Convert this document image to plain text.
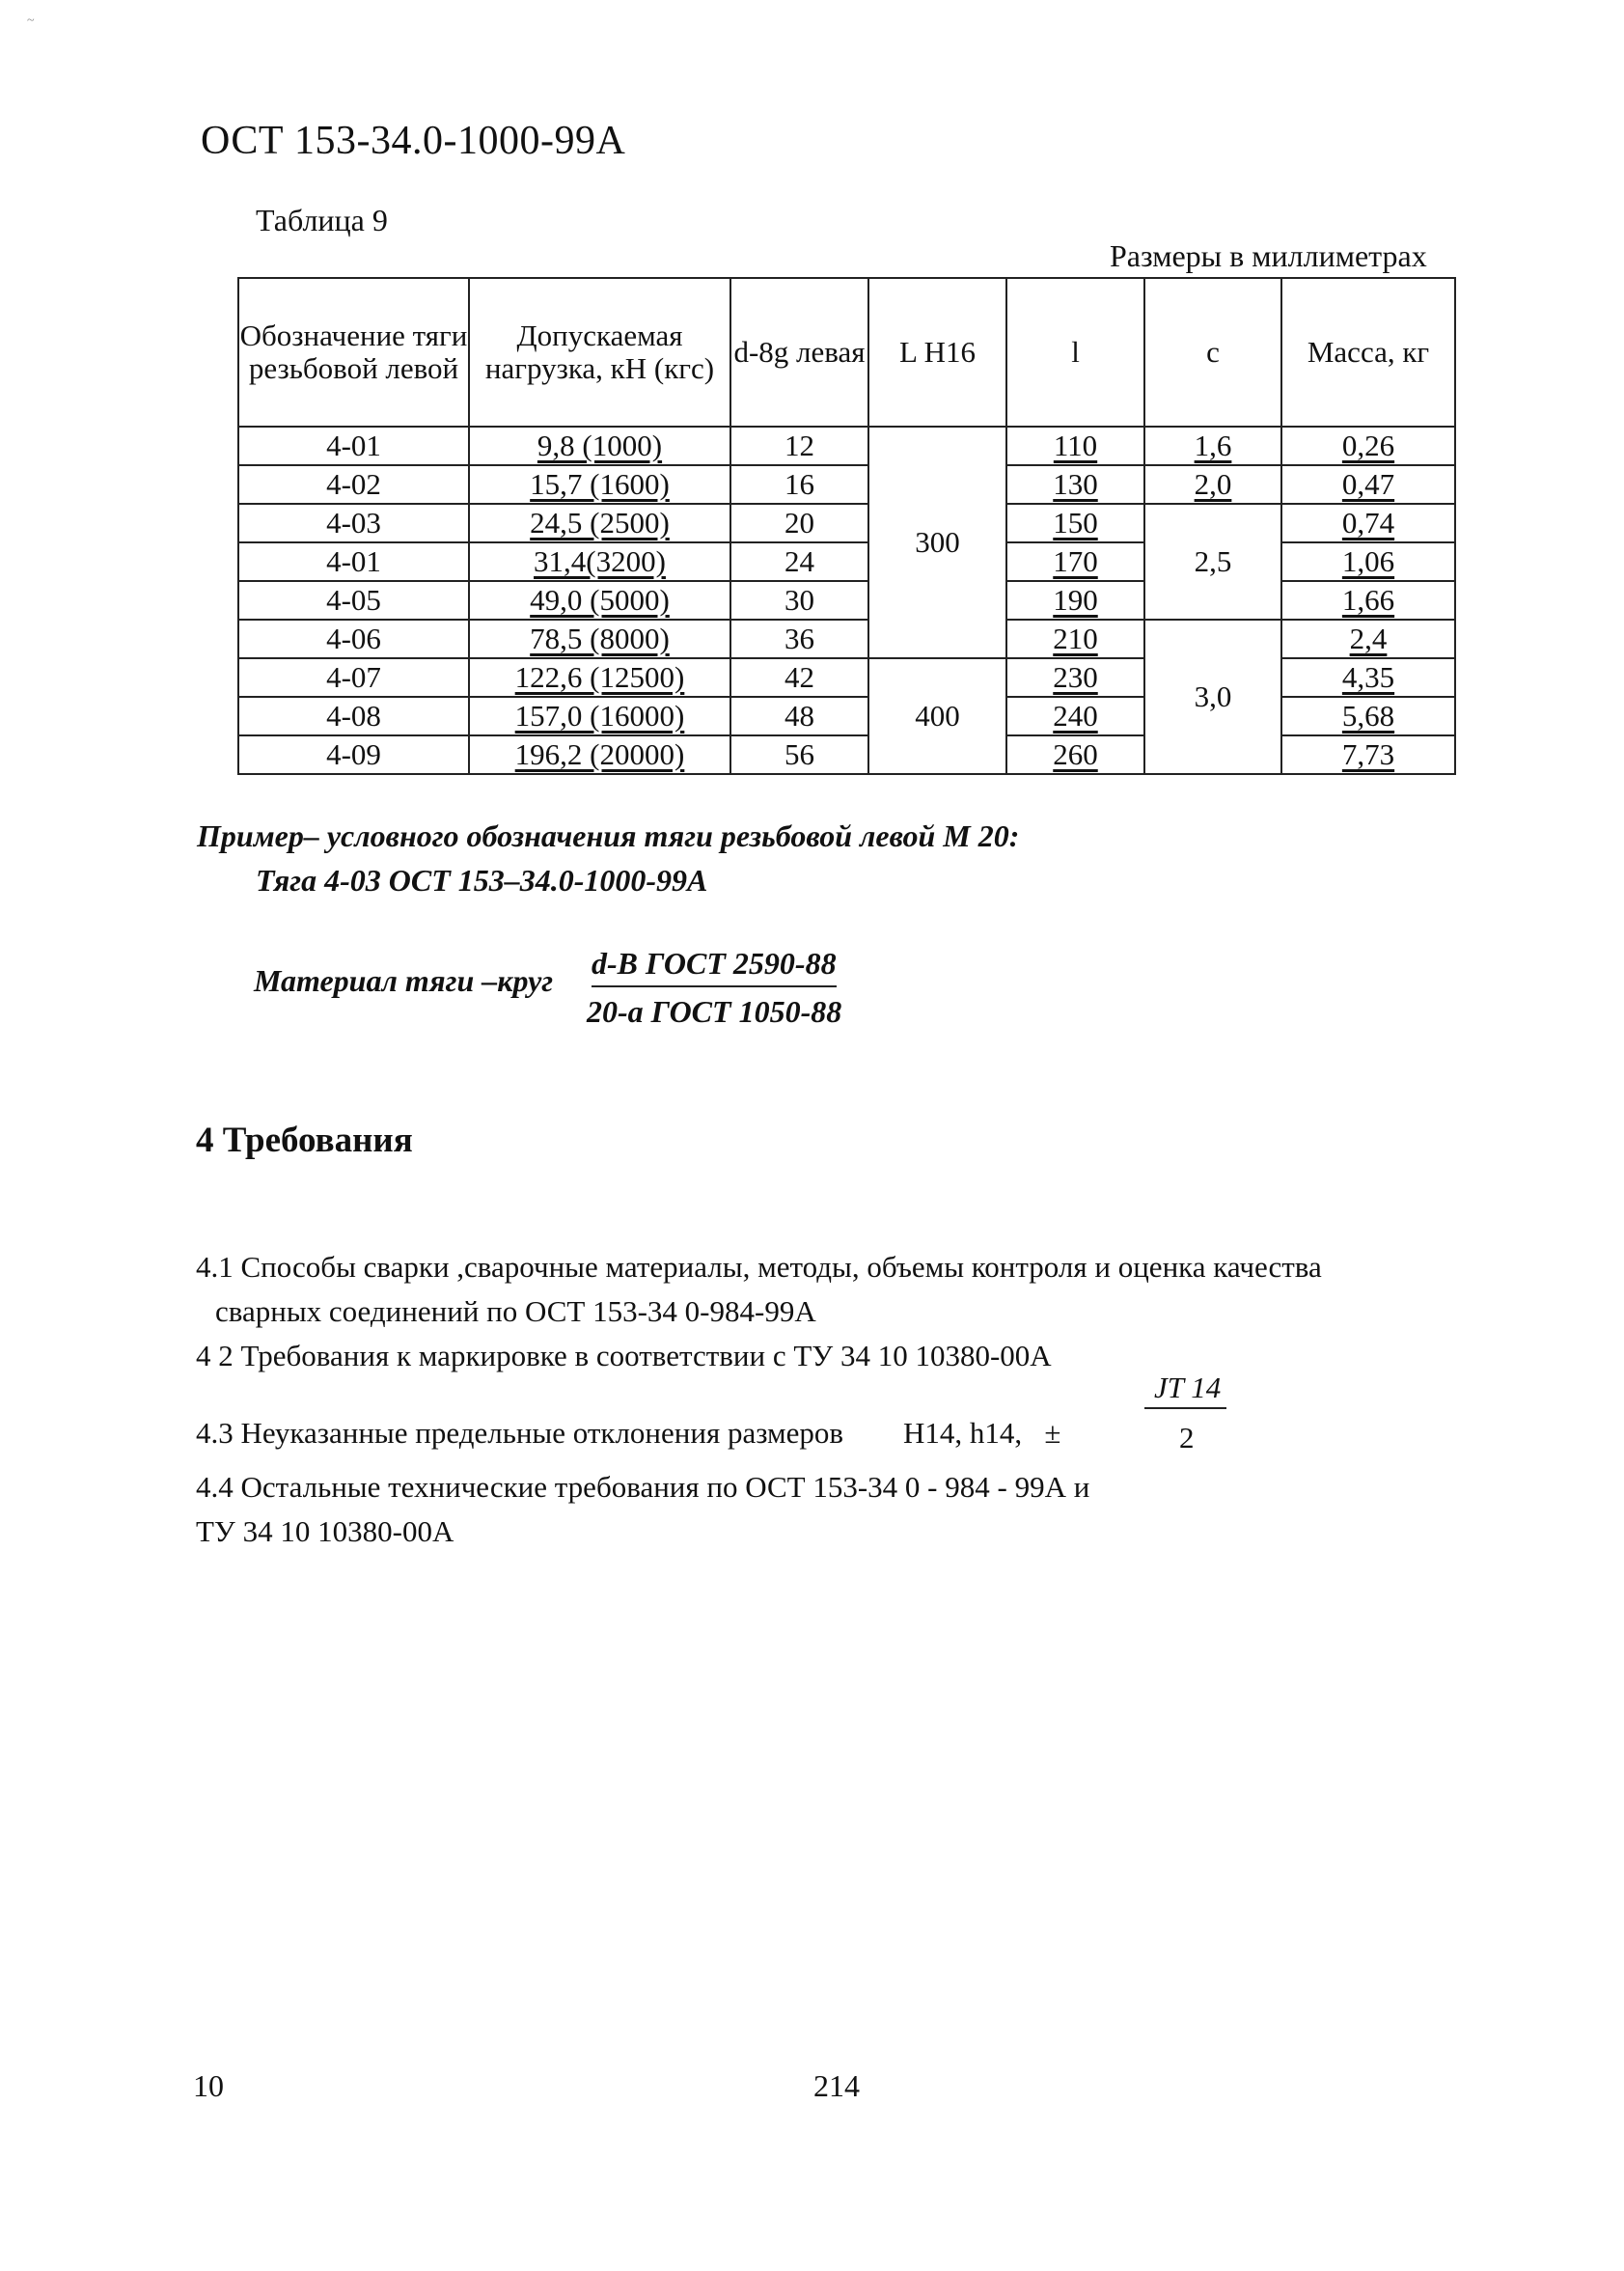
~
ОСТ 153-34.0-1000-99А
Таблица 9
Размеры в миллиметрах
Обозначение тяги резьбовой левой	Допускаемая нагрузка, кН (кгс)	d-8g левая	L H16	l	c	Масса, кг
4-01	9,8 (1000)	12	300	110	1,6	0,26
4-02	15,7 (1600)	16		130	2,0	0,47
4-03	24,5 (2500)	20		150	2,5	0,74
4-01	31,4(3200)	24		170		1,06
4-05	49,0 (5000)	30		190		1,66
4-06	78,5 (8000)	36		210	3,0	2,4
4-07	122,6 (12500)	42	400	230		4,35
4-08	157,0 (16000)	48		240		5,68
4-09	196,2 (20000)	56		260		7,73
Пример– условного обозначения тяги резьбовой левой М 20:
Тяга 4-03 ОСТ 153–34.0-1000-99А
Материал тяги –круг d-В ГОСТ 2590-88
20-а ГОСТ 1050-88
4 Требования
4.1 Способы сварки ,сварочные материалы, методы, объемы контроля и оценка качества
сварных соединений по ОСТ 153-34 0-984-99А
4 2 Требования к маркировке в соответствии с ТУ 34 10 10380-00А
4.3 Неуказанные предельные отклонения размеров        H14, h14,   ±
JT 14
2
4.4 Остальные технические требования по ОСТ 153-34 0 - 984 - 99А и
ТУ 34 10 10380-00А
10	214
